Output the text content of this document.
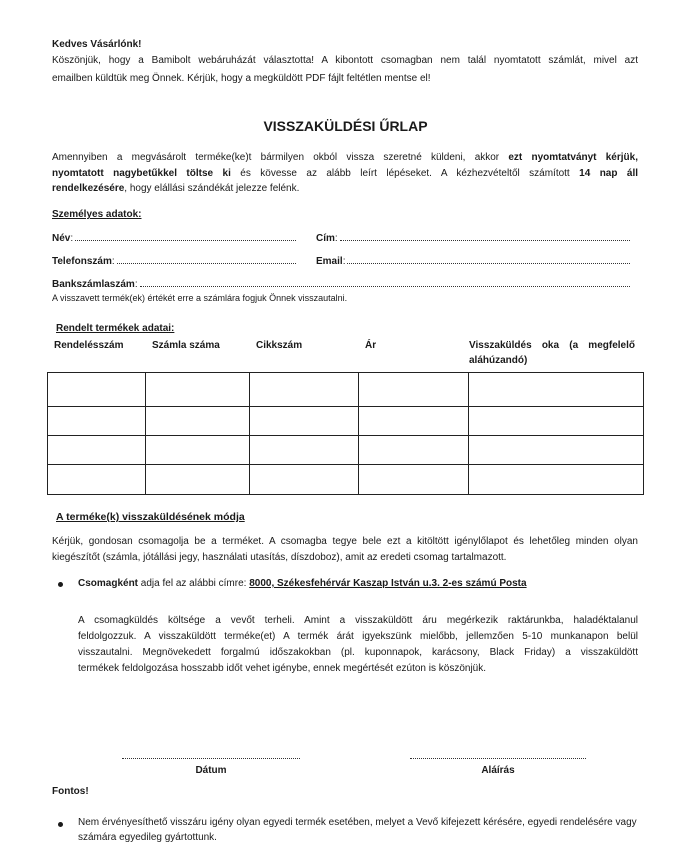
Kedves Vásárlónk!
Köszönjük, hogy a Bamibolt webáruházát választotta! A kibontott csomagban nem talál nyomtatott számlát, mivel azt
emailben küldtük meg Önnek. Kérjük, hogy a megküldött PDF fájlt feltétlen mentse el!
VISSZAKÜLDÉSI ŰRLAP
Amennyiben a megvásárolt terméke(ke)t bármilyen okból vissza szeretné küldeni, akkor ezt nyomtatványt kérjük,
nyomtatott nagybetűkkel töltse ki és kövesse az alább leírt lépéseket. A kézhezvételtől számított 14 nap áll
rendelkezésére, hogy elállási szándékát jelezze felénk.
Személyes adatok:
Név :	Cím :
Telefonszám :	Email :
Bankszámlaszám :
A visszavett termék(ek) értékét erre a számlára fogjuk Önnek visszautalni.
Rendelt termékek adatai:
Rendelésszám	Számla száma	Cikkszám	Ár	Visszaküldés oka (a megfelelő
aláhúzandó)

A terméke(k) visszaküldésének módja
Kérjük, gondosan csomagolja be a terméket. A csomagba tegye bele ezt a kitöltött igénylőlapot és lehetőleg minden olyan
kiegészítőt (számla, jótállási jegy, használati utasítás, díszdoboz), amit az eredeti csomag tartalmazott.
Csomagként adja fel az alábbi címre: 8000, Székesfehérvár Kaszap István u.3. 2-es számú Posta
A csomagküldés költsége a vevőt terheli. Amint a visszaküldött áru megérkezik raktárunkba, haladéktalanul
feldolgozzuk. A visszaküldött terméke(et) A termék árát igyekszünk mielőbb, jellemzően 5-10 munkanapon belül
visszautalni. Megnövekedett forgalmú időszakokban (pl. kuponnapok, karácsony, Black Friday) a visszaküldött
termékek feldolgozása hosszabb időt vehet igénybe, ennek megértését ezúton is köszönjük.
Dátum	Aláírás
Fontos!
Nem érvényesíthető visszáru igény olyan egyedi termék esetében, melyet a Vevő kifejezett kérésére, egyedi rendelésére vagy
számára egyedileg gyártottunk.
